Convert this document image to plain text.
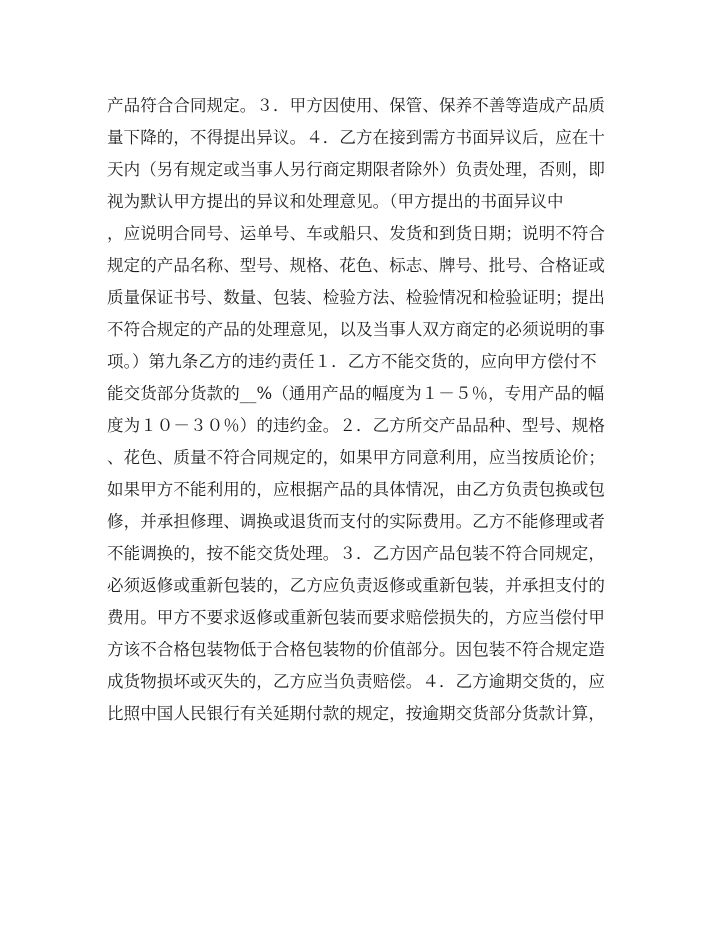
产品符合合同规定。３．甲方因使用、保管、保养不善等造成产品质
量下降的，不得提出异议。４．乙方在接到需方书面异议后，应在十
天内（另有规定或当事人另行商定期限者除外）负责处理，否则，即
视为默认甲方提出的异议和处理意见。（甲方提出的书面异议中
，应说明合同号、运单号、车或船只、发货和到货日期；说明不符合
规定的产品名称、型号、规格、花色、标志、牌号、批号、合格证或
质量保证书号、数量、包装、检验方法、检验情况和检验证明；提出
不符合规定的产品的处理意见，以及当事人双方商定的必须说明的事
项。）第九条乙方的违约责任１．乙方不能交货的，应向甲方偿付不
能交货部分货款的__%（通用产品的幅度为１－５％，专用产品的幅
度为１０－３０％）的违约金。２．乙方所交产品品种、型号、规格
、花色、质量不符合同规定的，如果甲方同意利用，应当按质论价；
如果甲方不能利用的，应根据产品的具体情况，由乙方负责包换或包
修，并承担修理、调换或退货而支付的实际费用。乙方不能修理或者
不能调换的，按不能交货处理。３．乙方因产品包装不符合同规定，
必须返修或重新包装的，乙方应负责返修或重新包装，并承担支付的
费用。甲方不要求返修或重新包装而要求赔偿损失的，方应当偿付甲
方该不合格包装物低于合格包装物的价值部分。因包装不符合规定造
成货物损坏或灭失的，乙方应当负责赔偿。４．乙方逾期交货的，应
比照中国人民银行有关延期付款的规定，按逾期交货部分货款计算，
